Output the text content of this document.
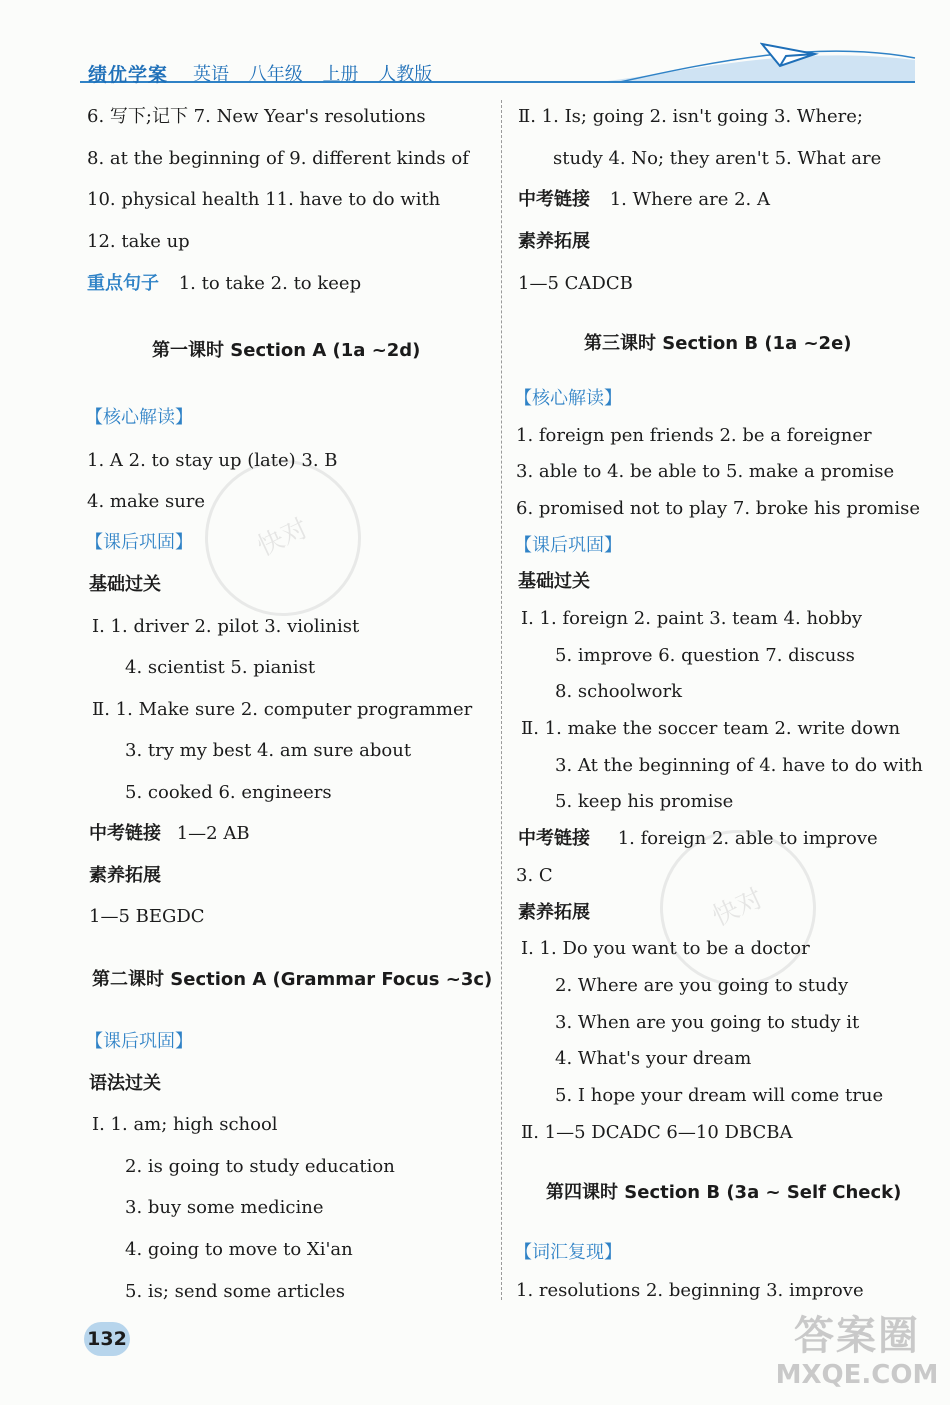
绩优学案 英语 八年级 上册 人教版
快对
快对
6. 写下;记下 7. New Year's resolutions
8. at the beginning of 9. different kinds of
10. physical health 11. have to do with
12. take up
重点句子 1. to take 2. to keep
第一课时 Section A (1a ~2d)
【核心解读】
1. A 2. to stay up (late) 3. B
4. make sure
【课后巩固】
基础过关
Ⅰ. 1. driver 2. pilot 3. violinist
4. scientist 5. pianist
Ⅱ. 1. Make sure 2. computer programmer
3. try my best 4. am sure about
5. cooked 6. engineers
中考链接 1—2 AB
素养拓展
1—5 BEGDC
第二课时 Section A (Grammar Focus ~3c)
【课后巩固】
语法过关
Ⅰ. 1. am; high school
2. is going to study education
3. buy some medicine
4. going to move to Xi'an
5. is; send some articles
Ⅱ. 1. Is; going 2. isn't going 3. Where;
study 4. No; they aren't 5. What are
中考链接 1. Where are 2. A
素养拓展
1—5 CADCB
第三课时 Section B (1a ~2e)
【核心解读】
1. foreign pen friends 2. be a foreigner
3. able to 4. be able to 5. make a promise
6. promised not to play 7. broke his promise
【课后巩固】
基础过关
Ⅰ. 1. foreign 2. paint 3. team 4. hobby
5. improve 6. question 7. discuss
8. schoolwork
Ⅱ. 1. make the soccer team 2. write down
3. At the beginning of 4. have to do with
5. keep his promise
中考链接 1. foreign 2. able to improve
3. C
素养拓展
Ⅰ. 1. Do you want to be a doctor
2. Where are you going to study
3. When are you going to study it
4. What's your dream
5. I hope your dream will come true
Ⅱ. 1—5 DCADC 6—10 DBCBA
第四课时 Section B (3a ~ Self Check)
【词汇复现】
1. resolutions 2. beginning 3. improve
132	答案圈
MXQE.COM
